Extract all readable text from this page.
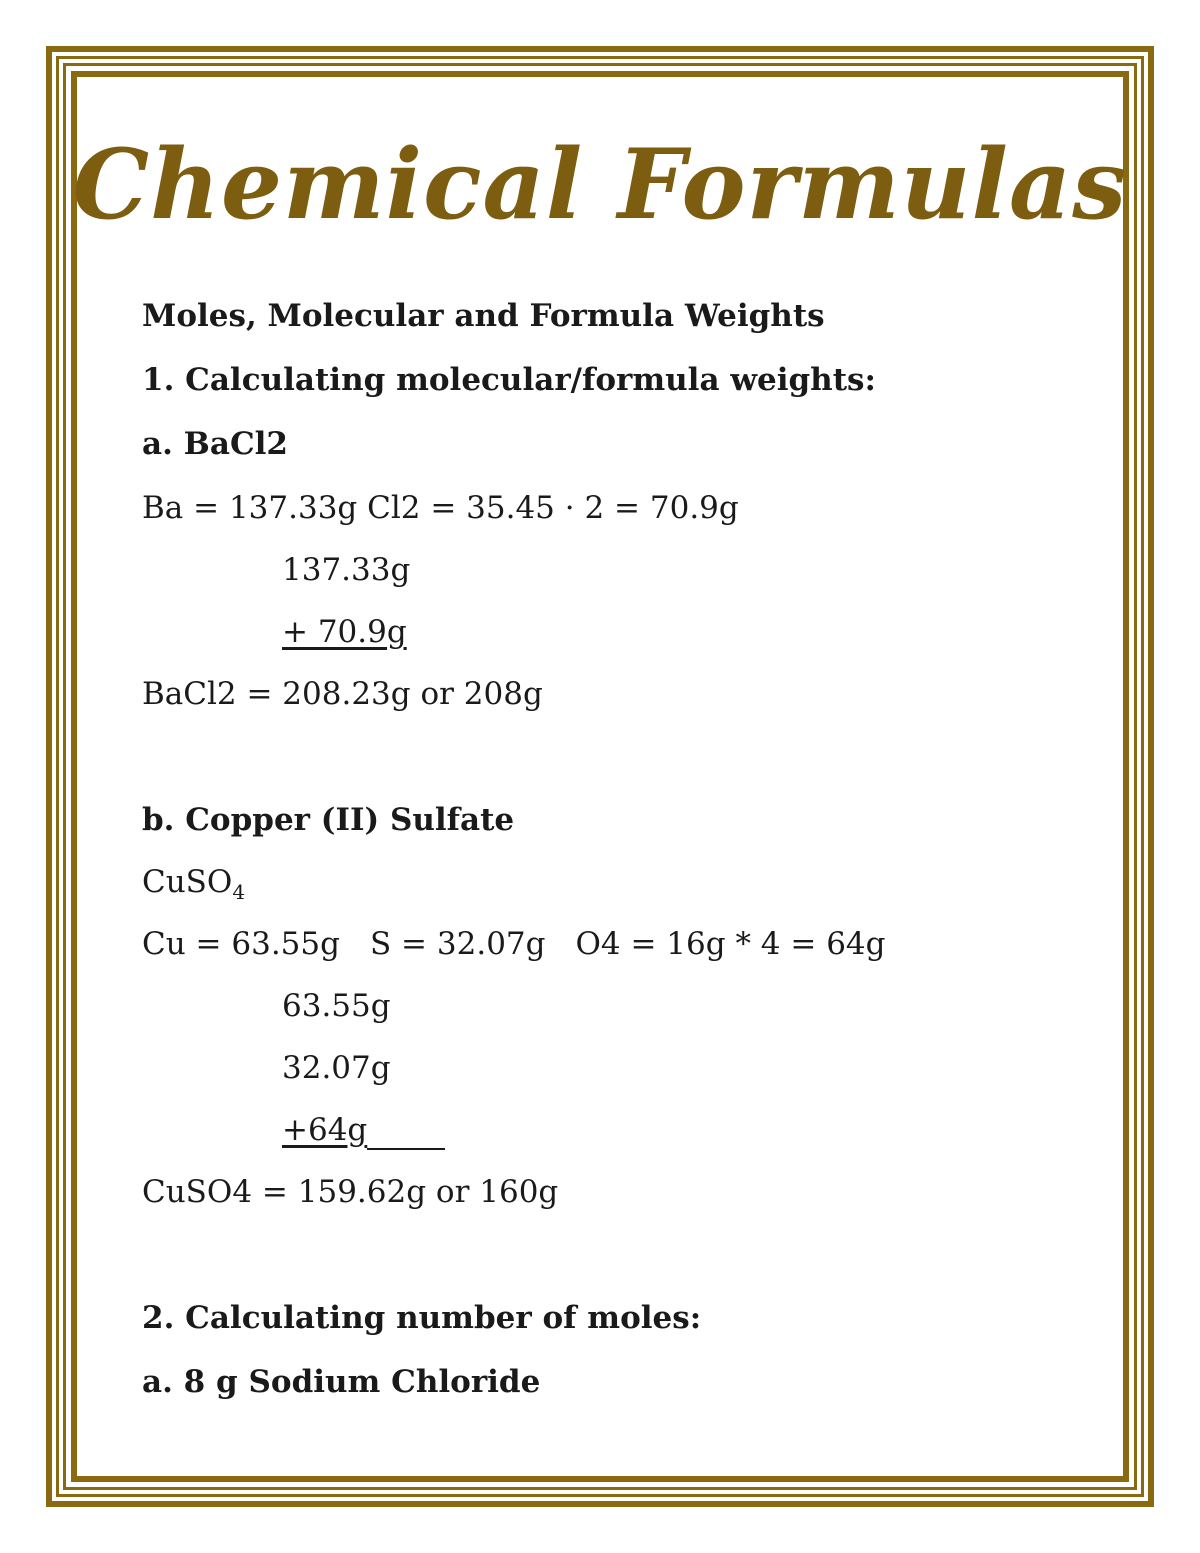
Chemical Formulas
Moles, Molecular and Formula Weights
1. Calculating molecular/formula weights:
a. BaCl2
Ba = 137.33g Cl2 = 35.45 · 2 = 70.9g
137.33g
+ 70.9g
BaCl2 = 208.23g or 208g
b. Copper (II) Sulfate
CuSO$_4$
Cu = 63.55g S = 32.07g O4 = 16g * 4 = 64g
63.55g
32.07g
+64g
CuSO4 = 159.62g or 160g
2. Calculating number of moles:
a. 8 g Sodium Chloride
